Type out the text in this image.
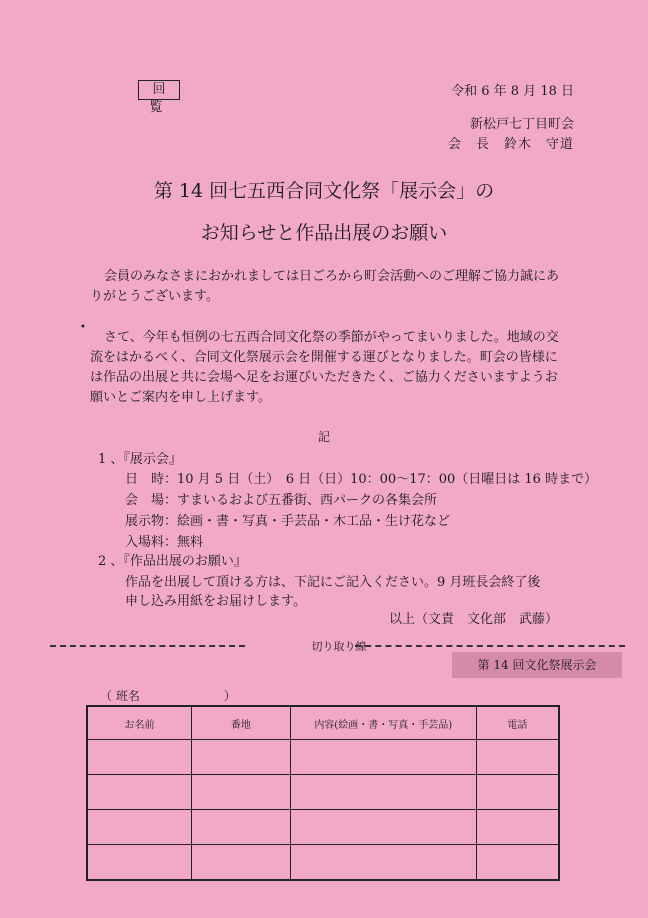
回 覧
令和 6 年 8 月 18 日
新松戸七丁目町会
会　長　鈴木　守道
第 14 回七五西合同文化祭「展示会」の
お知らせと作品出展のお願い
会員のみなさまにおかれましては日ごろから町会活動へのご理解ご協力誠にありがとうございます。
•
さて、今年も恒例の七五西合同文化祭の季節がやってまいりました。地域の交流をはかるべく、合同文化祭展示会を開催する運びとなりました。町会の皆様には作品の出展と共に会場へ足をお運びいただきたく、ご協力くださいますようお願いとご案内を申し上げます。
記
1 、『展示会』
日　時：10 月 5 日（土）　6 日（日）10：00～17：00（日曜日は 16 時まで）
会　場：すまいるおよび五番街、西パークの各集会所
展示物：絵画・書・写真・手芸品・木工品・生け花など
入場料：無料
2 、『作品出展のお願い』
作品を出展して頂ける方は、下記にご記入ください。9 月班長会終了後
申し込み用紙をお届けします。
以上（文責　文化部　武藤）
切り取り線
第 14 回文化祭展示会
（ 班名　　　　　　　）
お名前	番地	内容(絵画・書・写真・手芸品)	電話
